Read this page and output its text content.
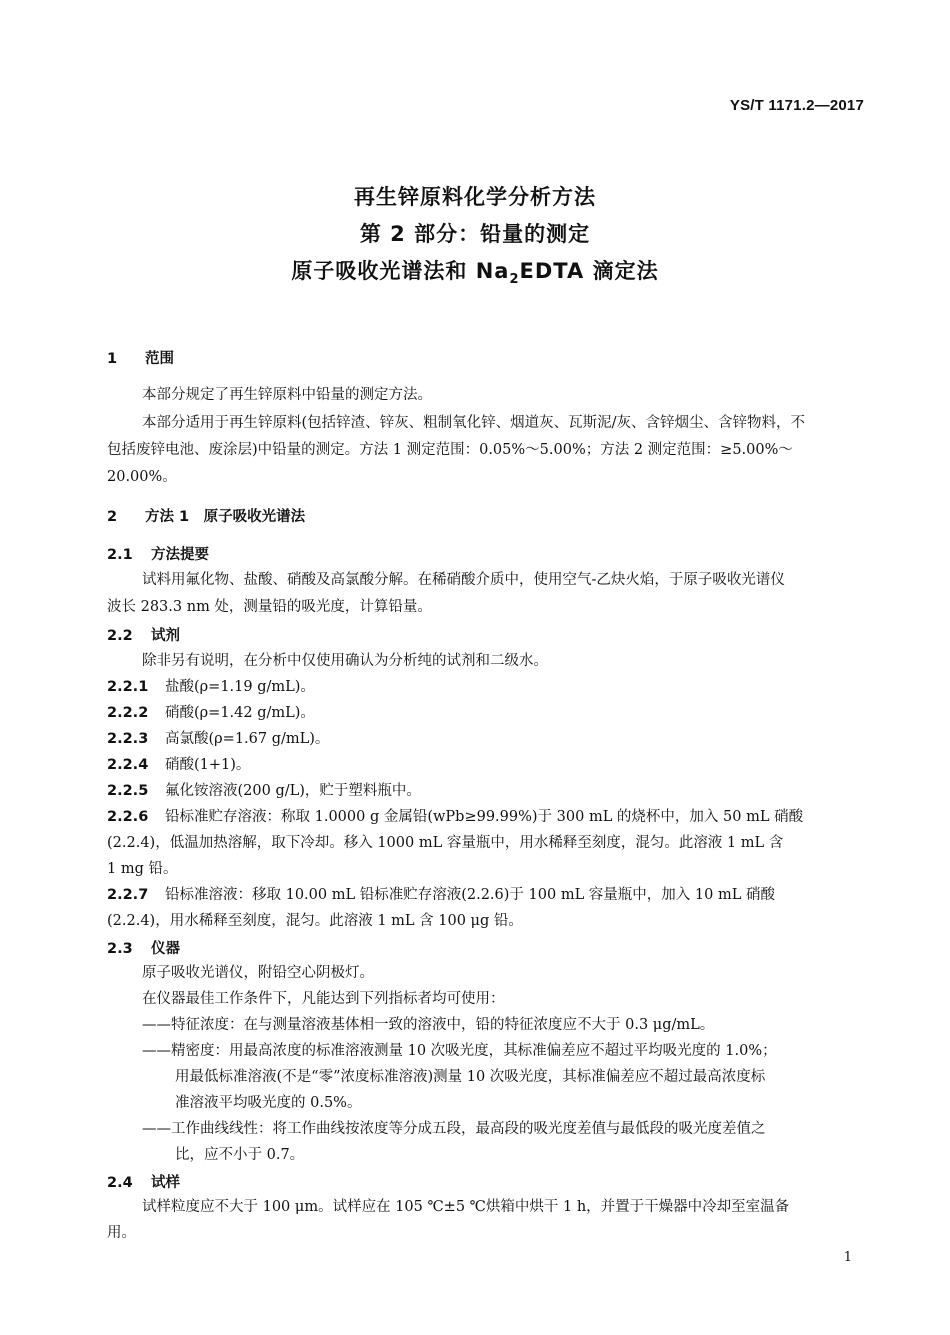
YS/T 1171.2—2017
再生锌原料化学分析方法
第 2 部分：铅量的测定
原子吸收光谱法和 $Na_2EDTA$ 滴定法
1 范围
本部分规定了再生锌原料中铅量的测定方法。
本部分适用于再生锌原料(包括锌渣、锌灰、粗制氧化锌、烟道灰、瓦斯泥/灰、含锌烟尘、含锌物料，不
包括废锌电池、废涂层)中铅量的测定。方法 1 测定范围：0.05%～5.00%；方法 2 测定范围：≥5.00%～
20.00%。
2 方法 1　原子吸收光谱法
2.1 方法提要
试料用氟化物、盐酸、硝酸及高氯酸分解。在稀硝酸介质中，使用空气-乙炔火焰，于原子吸收光谱仪
波长 283.3 nm 处，测量铅的吸光度，计算铅量。
2.2 试剂
除非另有说明，在分析中仅使用确认为分析纯的试剂和二级水。
2.2.1 盐酸(ρ=1.19 g/mL)。
2.2.2 硝酸(ρ=1.42 g/mL)。
2.2.3 高氯酸(ρ=1.67 g/mL)。
2.2.4 硝酸(1+1)。
2.2.5 氟化铵溶液(200 g/L)，贮于塑料瓶中。
2.2.6 铅标准贮存溶液：称取 1.0000 g 金属铅(wPb≥99.99%)于 300 mL 的烧杯中，加入 50 mL 硝酸
(2.2.4)，低温加热溶解，取下冷却。移入 1000 mL 容量瓶中，用水稀释至刻度，混匀。此溶液 1 mL 含
1 mg 铅。
2.2.7 铅标准溶液：移取 10.00 mL 铅标准贮存溶液(2.2.6)于 100 mL 容量瓶中，加入 10 mL 硝酸
(2.2.4)，用水稀释至刻度，混匀。此溶液 1 mL 含 100 μg 铅。
2.3 仪器
原子吸收光谱仪，附铅空心阴极灯。
在仪器最佳工作条件下，凡能达到下列指标者均可使用：
——特征浓度：在与测量溶液基体相一致的溶液中，铅的特征浓度应不大于 0.3 μg/mL。
——精密度：用最高浓度的标准溶液测量 10 次吸光度，其标准偏差应不超过平均吸光度的 1.0%；
用最低标准溶液(不是“零”浓度标准溶液)测量 10 次吸光度，其标准偏差应不超过最高浓度标
准溶液平均吸光度的 0.5%。
——工作曲线线性：将工作曲线按浓度等分成五段，最高段的吸光度差值与最低段的吸光度差值之
比，应不小于 0.7。
2.4 试样
试样粒度应不大于 100 μm。试样应在 105 ℃±5 ℃烘箱中烘干 1 h，并置于干燥器中冷却至室温备
用。
1
